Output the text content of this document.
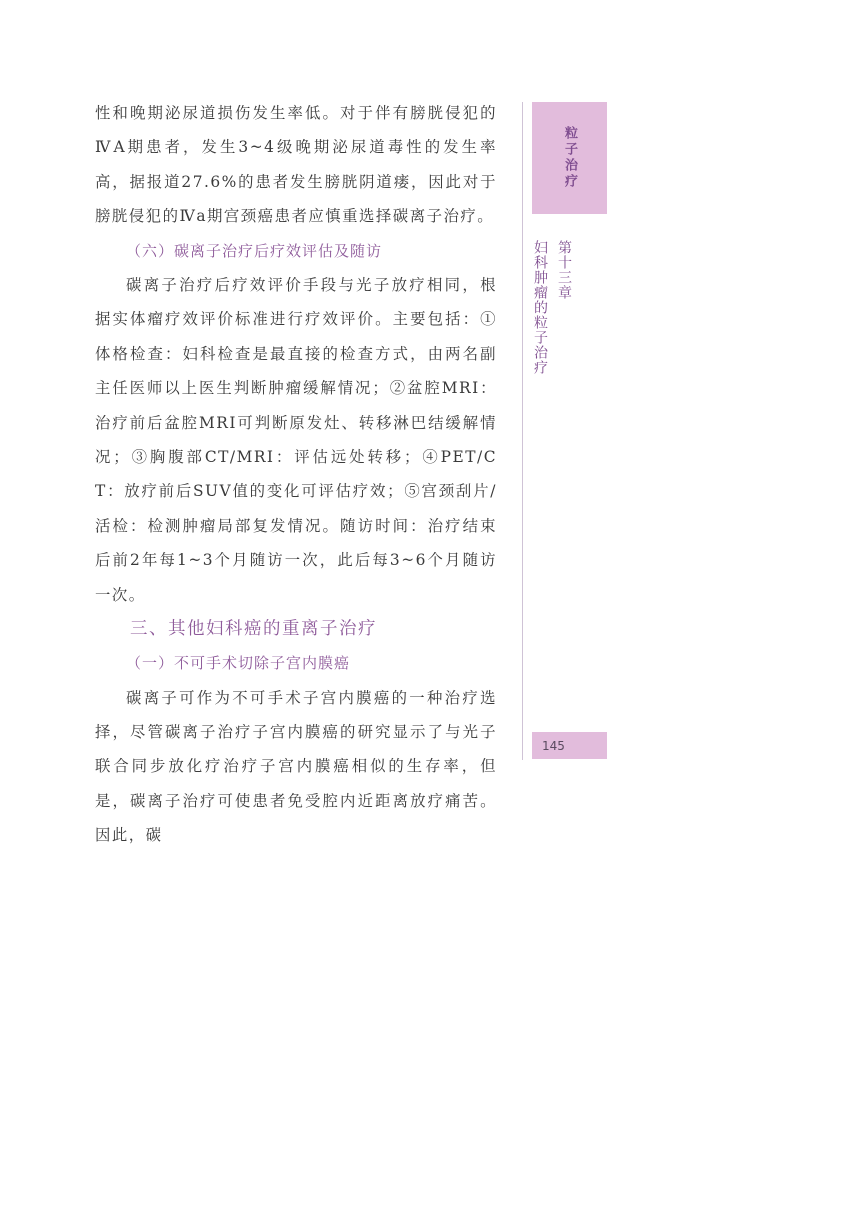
性和晚期泌尿道损伤发生率低。对于伴有膀胱侵犯的ⅣA期患者，发生3~4级晚期泌尿道毒性的发生率高，据报道27.6%的患者发生膀胱阴道瘘，因此对于膀胱侵犯的Ⅳa期宫颈癌患者应慎重选择碳离子治疗。

（六）碳离子治疗后疗效评估及随访

碳离子治疗后疗效评价手段与光子放疗相同，根据实体瘤疗效评价标准进行疗效评价。主要包括：①体格检查：妇科检查是最直接的检查方式，由两名副主任医师以上医生判断肿瘤缓解情况；②盆腔MRI：治疗前后盆腔MRI可判断原发灶、转移淋巴结缓解情况；③胸腹部CT/MRI：评估远处转移；④PET/CT：放疗前后SUV值的变化可评估疗效；⑤宫颈刮片/活检：检测肿瘤局部复发情况。随访时间：治疗结束后前2年每1~3个月随访一次，此后每3~6个月随访一次。

三、其他妇科癌的重离子治疗

（一）不可手术切除子宫内膜癌

碳离子可作为不可手术子宫内膜癌的一种治疗选择，尽管碳离子治疗子宫内膜癌的研究显示了与光子联合同步放化疗治疗子宫内膜癌相似的生存率，但是，碳离子治疗可使患者免受腔内近距离放疗痛苦。因此，碳

粒子治疗
第十三章
妇科肿瘤的粒子治疗
145
